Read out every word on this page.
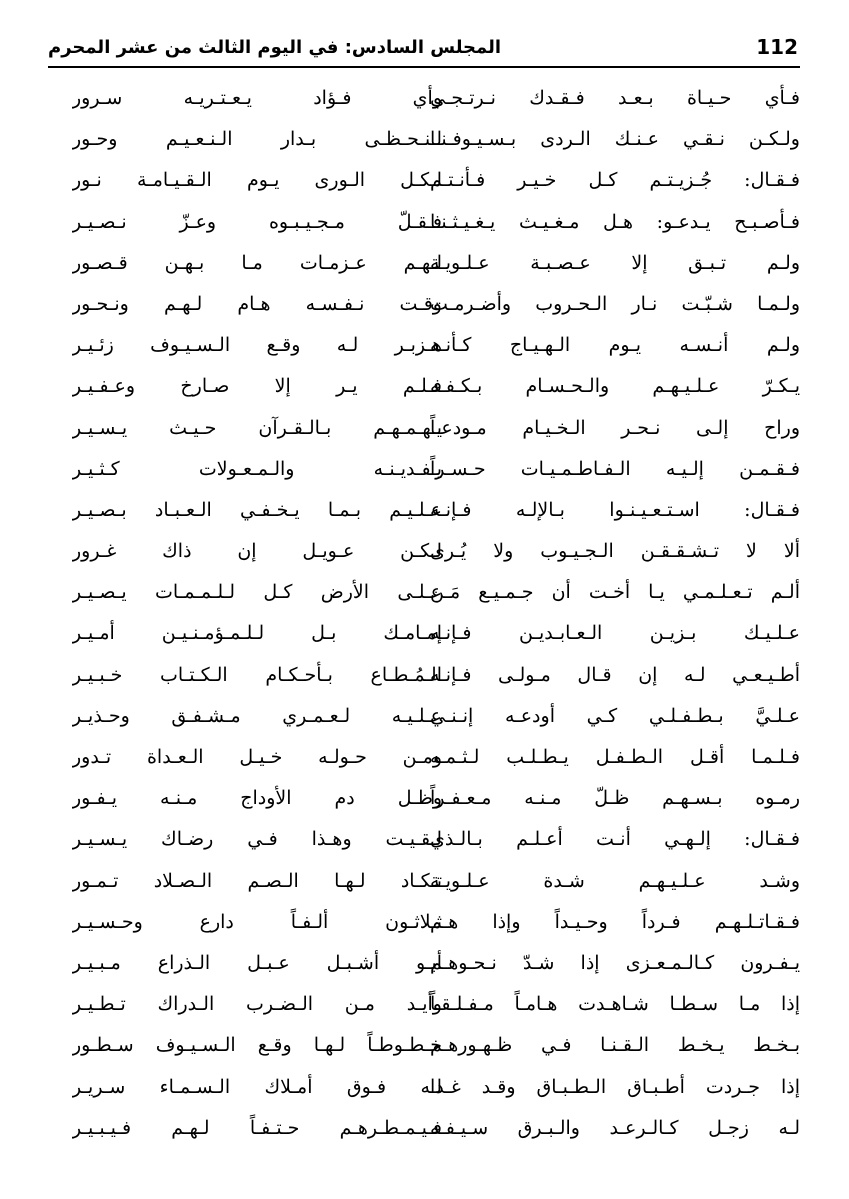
112
المجلس السادس: في اليوم الثالث من عشر المحرم
فـأي حـيـاة بـعـد فـقـدك نـرتـجـي
ولـكـن نـقـي عـنـك الـردى بـسـيـوفـنـا
فـقـال: جُـزيـتـم كـل خـيـر فـأنـتـم
فـأصـبـح يـدعـو: هـل مـغـيـث يـغـيـثـنـا
ولـم تـبـق إلا عـصـبـة عـلـويـة
ولـمـا شـبّـت نـار الـحـروب وأضـرمـت
ولـم أنـسـه يـوم الـهـيـاج كـأنـه
يـكـرّ عـلـيـهـم والـحـسـام بـكـفـه
وراح إلـى نـحـر الـخـيـام مـودعـاً
فـقـمـن إلـيـه الـفـاطـمـيـات حـسـراً
فـقـال: اسـتـعـيـنـوا بـالإلـه فـإنـه
ألا لا تـشـقـقـن الـجـيـوب ولا يُـرى
ألـم تـعـلـمـي يـا أخـت أن جـمـيـع مَـن
عـلـيـك بـزيـن الـعـابـديـن فـإنـه
أطـيـعـي لـه إن قـال مـولـى فـإنـه
عـلـيَّ بـطـفـلـي كـي أودعـه إنـنـي
فـلـمـا أقـل الـطـفـل يـطـلـب لـثـمـه
رمـوه بـسـهـم ظـلّ مـنـه مـعـفـراً
فـقـال: إلـهـي أنـت أعـلـم بـالـذي
وشـد عـلـيـهـم شـدة عـلـويـة
فـقـاتـلـهـم فـرداً وحـيـداً وإذا هـم
يـفـرون كـالـمـعـزى إذا شـدّ نـحـوهـم
إذا مـا سـطـا شـاهـدت هـامـاً مـفـلـقـاً
بـخـط يـخـط الـقـنـا فـي ظـهـورهـم
إذا جـردت أطـبـاق الـطـبـاق وقـد غـدا
لـه زجـل كـالـرعـد والـبـرق سـيـفـه
وأي فـؤاد يـعـتـريـه سـرور
لـنـحـظـى بـدار الـنـعـيـم وحـور
لـكـل الـورى يـوم الـقـيـامـة نـور
فـقـلّ مـجـيـبـوه وعـزّ نـصـيـر
لـهـم عـزمـات مـا بـهـن قـصـور
وقـت نـفـسـه هـام لـهـم ونـحـور
هـزبـر لـه وقـع الـسـيـوف زئـيـر
فـلـم يـر إلا صـارخ وعـفـيـر
يـهـمـهـم بـالـقـرآن حـيـث يـسـيـر
يـفـديـنـه والـمـعـولات كـثـيـر
عـلـيـم بـمـا يـخـفـي الـعـبـاد بـصـيـر
لـكـن عـويـل إن ذاك غـرور
عـلـى الأرض كـل لـلـمـمـات يـصـيـر
إمـامـك بـل لـلـمـؤمـنـيـن أمـيـر
الـمُـطـاع بـأحـكـام الـكـتـاب خـبـيـر
عـلـيـه لـعـمـري مـشـفـق وحـذيـر
ومـن حـولـه خـيـل الـعـداة تـدور
وظـل دم الأوداج مـنـه يـفـور
لـقـيـت وهـذا فـي رضـاك يـسـيـر
تـكـاد لـهـا الـصـم الـصـلاد تـمـور
ثـلاثـون ألـفـاً دارع وحـسـيـر
أبـو أشـبـل عـبـل الـذراع مـبـيـر
وأيـد مـن الـضـرب الـدراك تـطـيـر
خـطـوطـاً لـهـا وقـع الـسـيـوف سـطـور
لـه فـوق أمـلاك الـسـمـاء سـريـر
فـيـمـطـرهـم حـتـفـاً لـهـم فـيـبـيـر
